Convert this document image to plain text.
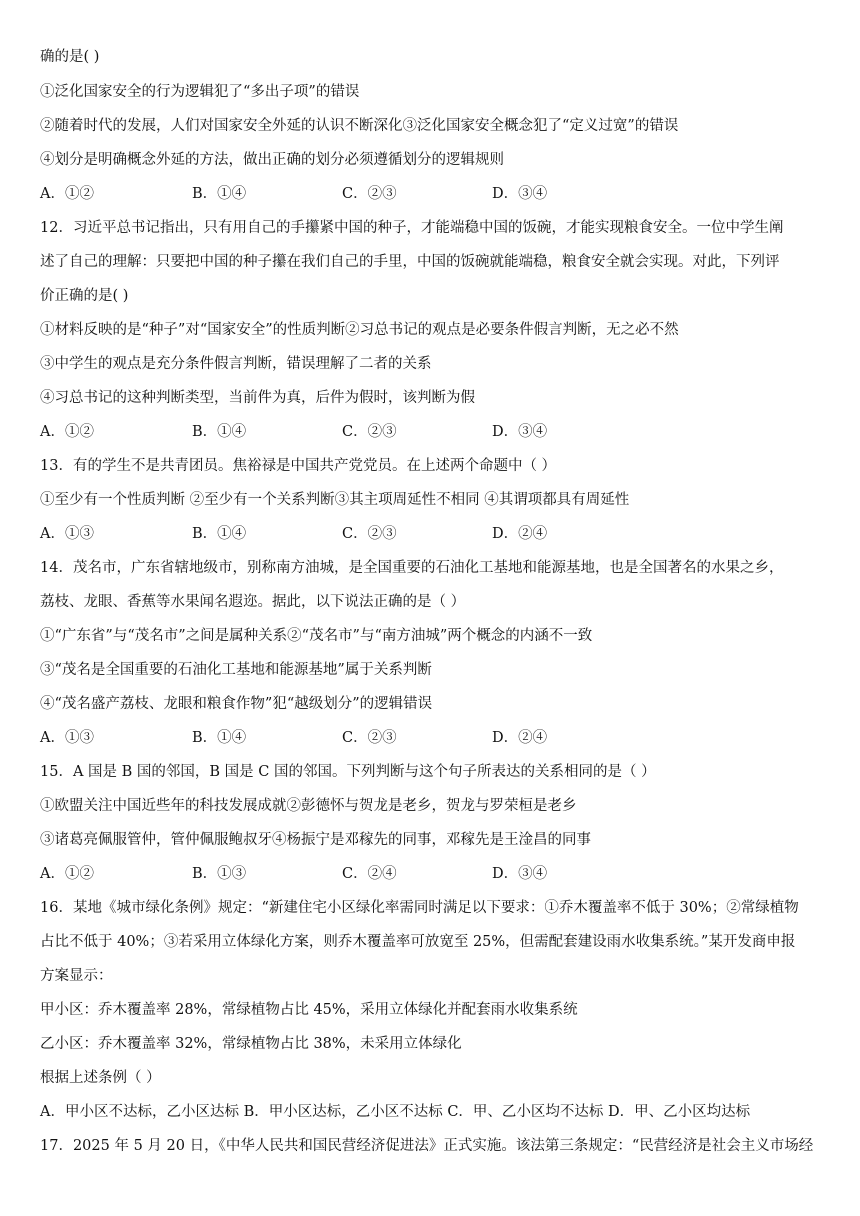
确的是( )
①泛化国家安全的行为逻辑犯了“多出子项”的错误
②随着时代的发展，人们对国家安全外延的认识不断深化③泛化国家安全概念犯了“定义过宽”的错误
④划分是明确概念外延的方法，做出正确的划分必须遵循划分的逻辑规则
A．①②	B．①④	C．②③	D．③④
12．习近平总书记指出，只有用自己的手攥紧中国的种子，才能端稳中国的饭碗，才能实现粮食安全。一位中学生阐
述了自己的理解：只要把中国的种子攥在我们自己的手里，中国的饭碗就能端稳，粮食安全就会实现。对此，下列评
价正确的是( )
①材料反映的是“种子”对“国家安全”的性质判断②习总书记的观点是必要条件假言判断，无之必不然
③中学生的观点是充分条件假言判断，错误理解了二者的关系
④习总书记的这种判断类型，当前件为真，后件为假时，该判断为假
A．①②	B．①④	C．②③	D．③④
13．有的学生不是共青团员。焦裕禄是中国共产党党员。在上述两个命题中（ ）
①至少有一个性质判断 ②至少有一个关系判断③其主项周延性不相同 ④其谓项都具有周延性
A．①③	B．①④	C．②③	D．②④
14．茂名市，广东省辖地级市，别称南方油城，是全国重要的石油化工基地和能源基地，也是全国著名的水果之乡，
荔枝、龙眼、香蕉等水果闻名遐迩。据此，以下说法正确的是（ ）
①“广东省”与“茂名市”之间是属种关系②“茂名市”与“南方油城”两个概念的内涵不一致
③“茂名是全国重要的石油化工基地和能源基地”属于关系判断
④“茂名盛产荔枝、龙眼和粮食作物”犯“越级划分”的逻辑错误
A．①③	B．①④	C．②③	D．②④
15．A 国是 B 国的邻国，B 国是 C 国的邻国。下列判断与这个句子所表达的关系相同的是（ ）
①欧盟关注中国近些年的科技发展成就②彭德怀与贺龙是老乡，贺龙与罗荣桓是老乡
③诸葛亮佩服管仲，管仲佩服鲍叔牙④杨振宁是邓稼先的同事，邓稼先是王淦昌的同事
A．①②	B．①③	C．②④	D．③④
16．某地《城市绿化条例》规定：“新建住宅小区绿化率需同时满足以下要求：①乔木覆盖率不低于 30%；②常绿植物
占比不低于 40%；③若采用立体绿化方案，则乔木覆盖率可放宽至 25%，但需配套建设雨水收集系统。”某开发商申报
方案显示：
甲小区：乔木覆盖率 28%，常绿植物占比 45%，采用立体绿化并配套雨水收集系统
乙小区：乔木覆盖率 32%，常绿植物占比 38%，未采用立体绿化
根据上述条例（ ）
A．甲小区不达标，乙小区达标 B．甲小区达标，乙小区不达标 C．甲、乙小区均不达标 D．甲、乙小区均达标
17．2025 年 5 月 20 日，《中华人民共和国民营经济促进法》正式实施。该法第三条规定：“民营经济是社会主义市场经
